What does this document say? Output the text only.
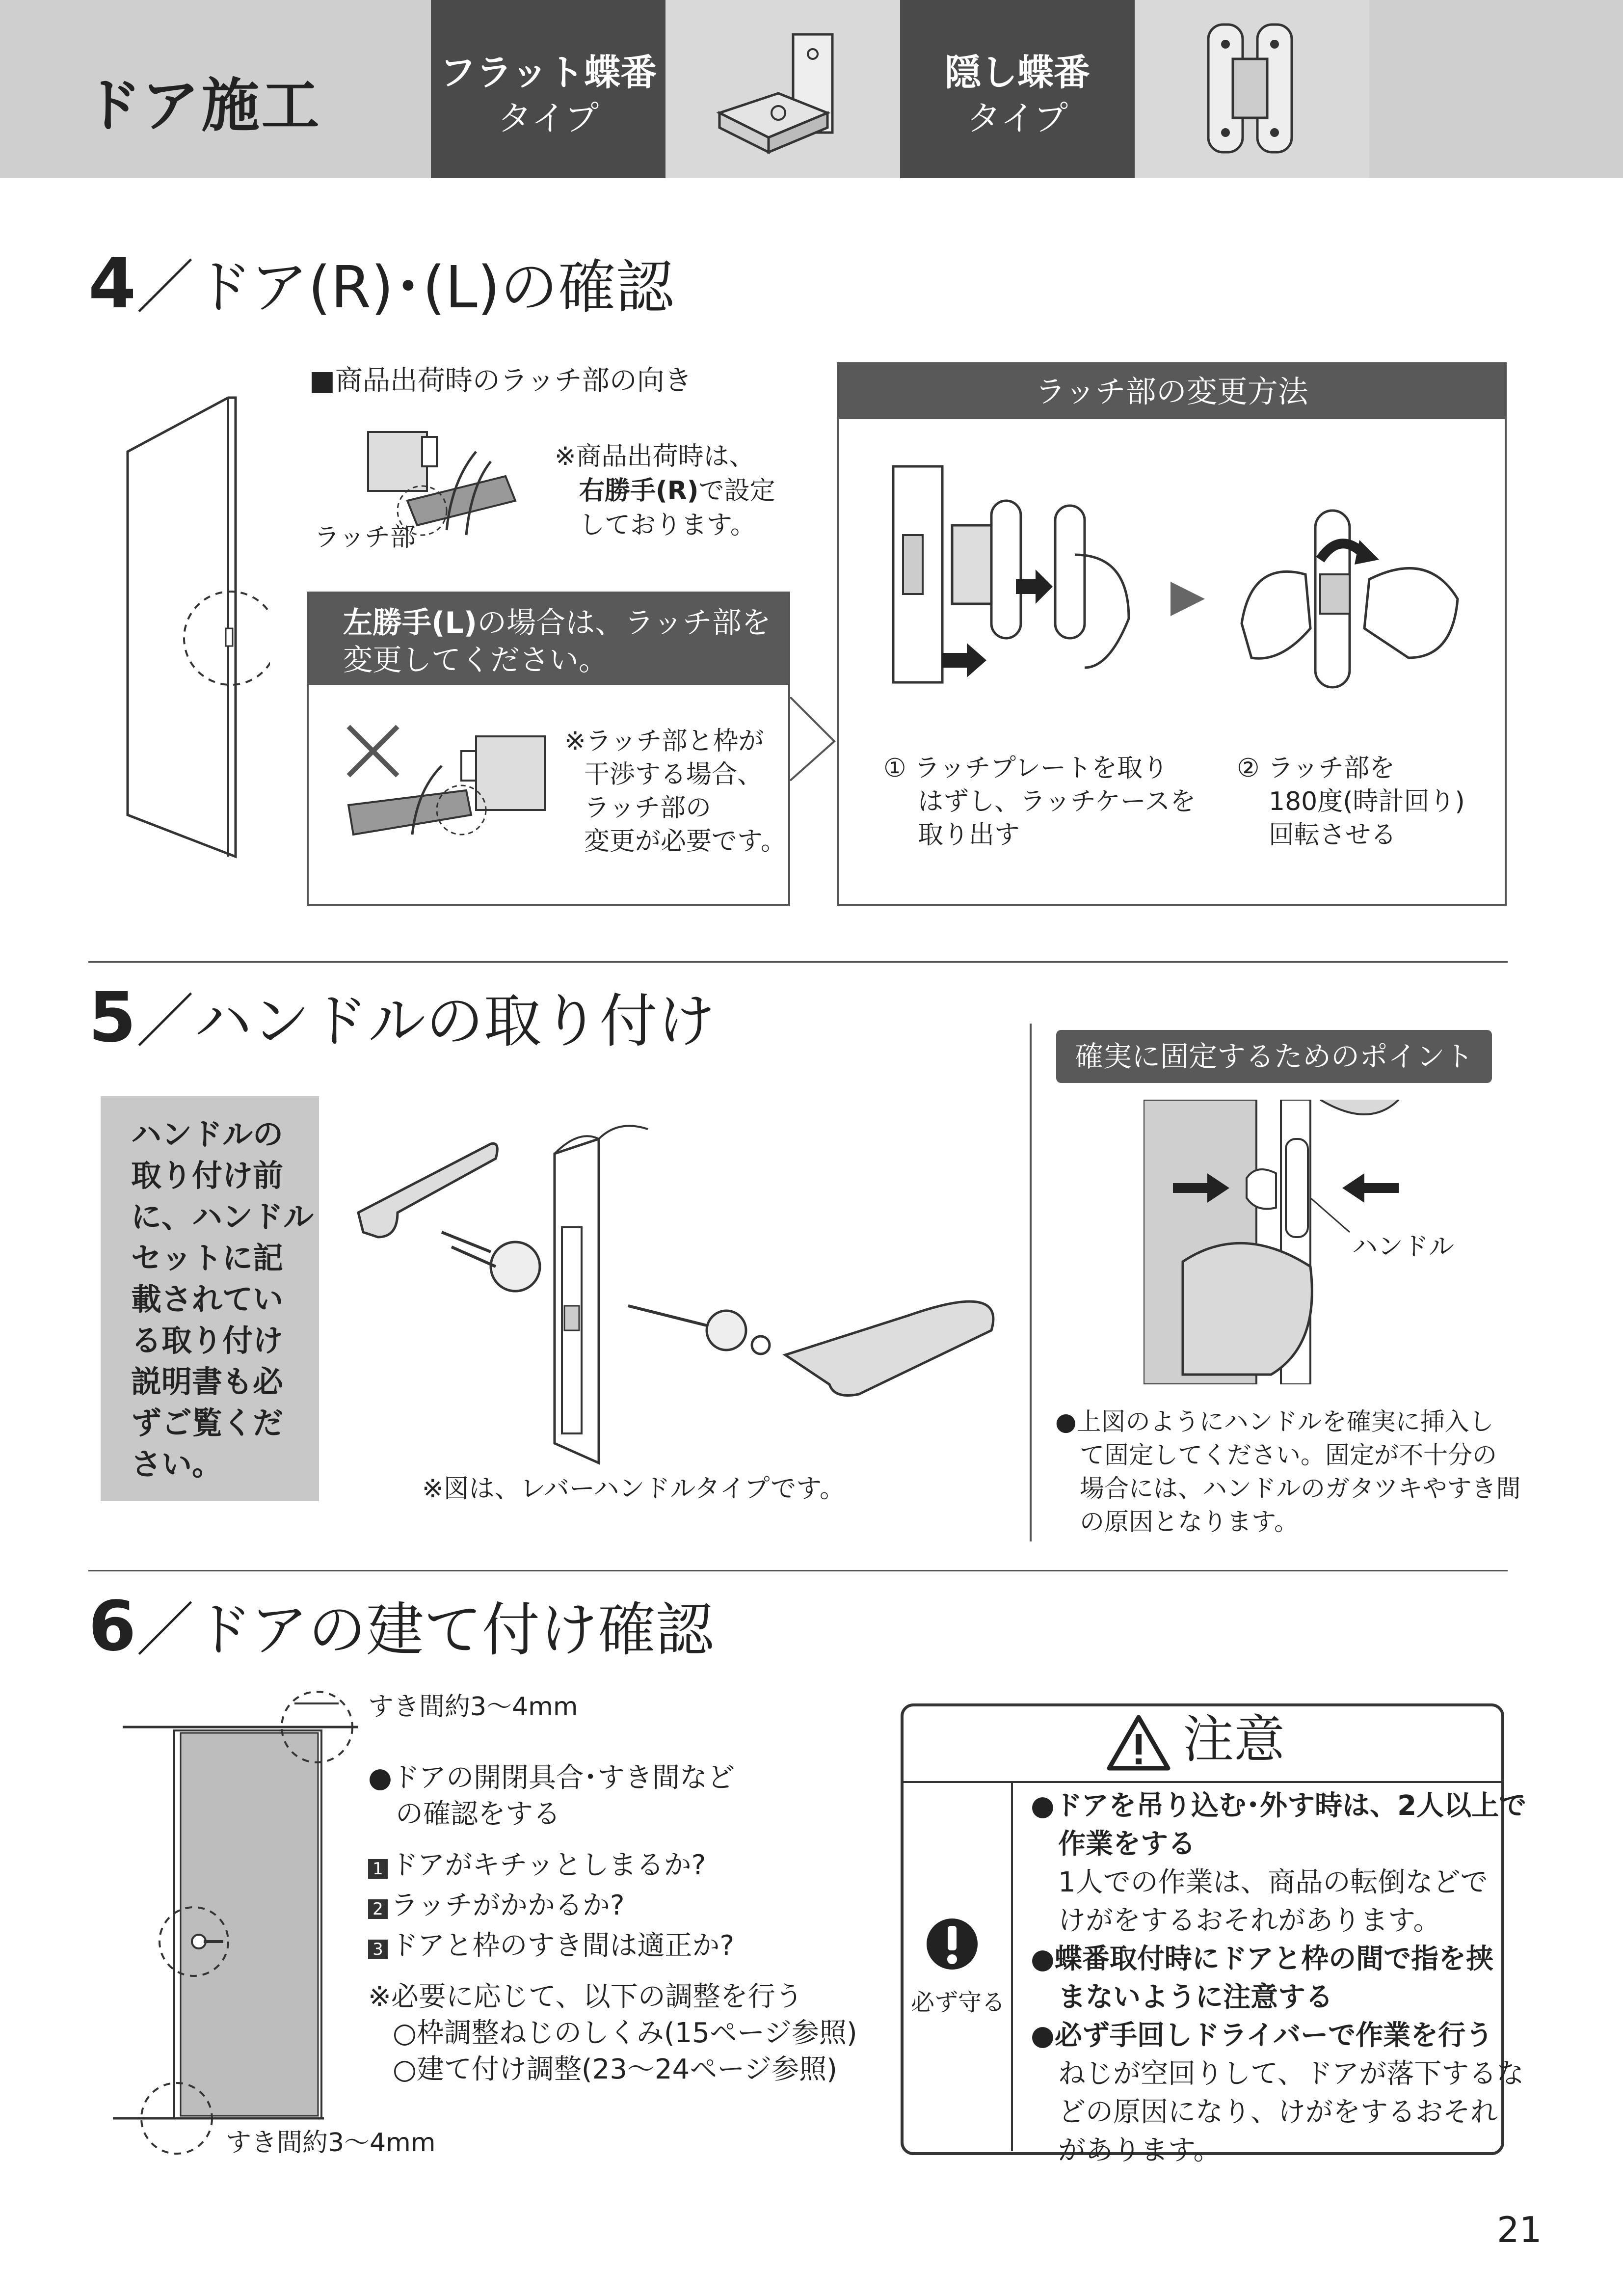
ドア施工	フラット蝶番
タイプ
隠し蝶番
タイプ
4／ドア(R)･(L)の確認
■商品出荷時のラッチ部の向き
ラッチ部
※商品出荷時は、
右勝手(R)で設定
しております。
左勝手(L)の場合は、ラッチ部を
変更してください。
※ラッチ部と枠が
干渉する場合、
ラッチ部の
変更が必要です。
ラッチ部の変更方法
① ラッチプレートを取り
はずし、ラッチケースを
取り出す
② ラッチ部を
180度(時計回り)
回転させる
5／ハンドルの取り付け
ハンドルの
取り付け前
に、ハンドル
セットに記
載されてい
る取り付け
説明書も必
ずご覧くだ
さい。
※図は、レバーハンドルタイプです。
確実に固定するためのポイント
ハンドル
●上図のようにハンドルを確実に挿入し
て固定してください。固定が不十分の
場合には、ハンドルのガタツキやすき間
の原因となります。
6／ドアの建て付け確認
すき間約3～4mm
すき間約3～4mm
●ドアの開閉具合･すき間など
の確認をする
1 ドアがキチッとしまるか?
2 ラッチがかかるか?
3 ドアと枠のすき間は適正か?
※必要に応じて、以下の調整を行う
○枠調整ねじのしくみ(15ページ参照)
○建て付け調整(23～24ページ参照)
注意
必ず守る
●ドアを吊り込む･外す時は、2人以上で
作業をする
1人での作業は、商品の転倒などで
けがをするおそれがあります。
●蝶番取付時にドアと枠の間で指を挟
まないように注意する
●必ず手回しドライバーで作業を行う
ねじが空回りして、ドアが落下するな
どの原因になり、けがをするおそれ
があります。
21
